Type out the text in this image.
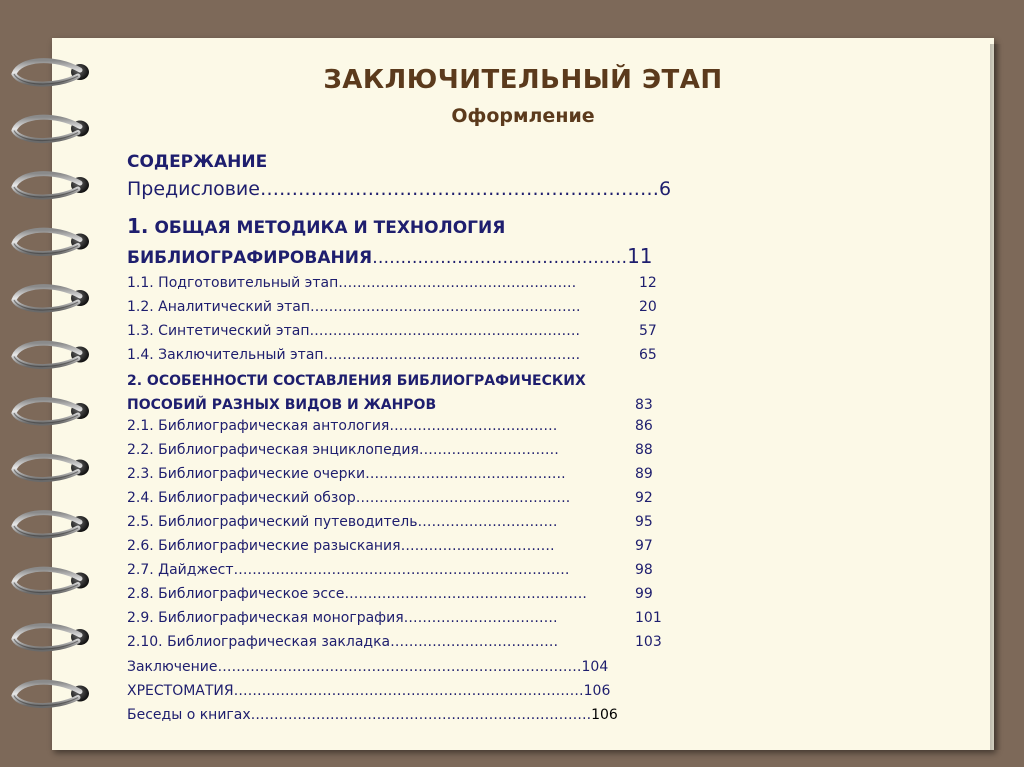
ЗАКЛЮЧИТЕЛЬНЫЙ ЭТАП
Оформление
СОДЕРЖАНИЕ
Предисловие………………………………………………………6
1. ОБЩАЯ МЕТОДИКА И ТЕХНОЛОГИЯ
БИБЛИОГРАФИРОВАНИЯ………………………………………11
1.1. Подготовительный этап……………………………………………	12
1.2. Аналитический этап………………………………………………….	20
1.3. Синтетический этап………………………………………………….	57
1.4. Заключительный этап……………………………………………….	65
2. ОСОБЕННОСТИ СОСТАВЛЕНИЯ БИБЛИОГРАФИЧЕСКИХ
ПОСОБИЙ РАЗНЫХ ВИДОВ И ЖАНРОВ	83
2.1. Библиографическая антология………………………………	86
2.2. Библиографическая энциклопедия…………………………	88
2.3. Библиографические очерки…………………………………….	89
2.4. Библиографический обзор……………………………………….	92
2.5. Библиографический путеводитель…………………………	95
2.6. Библиографические разыскания……………………………	97
2.7. Дайджест………………………………………………………………	98
2.8. Библиографическое эссе…………………………………………….	99
2.9. Библиографическая монография……………………………	101
2.10. Библиографическая закладка………………………………	103
Заключение……………………………………………………………………104
ХРЕСТОМАТИЯ…………………………………………………………………106
Беседы о книгах……………………………………………………………….106
